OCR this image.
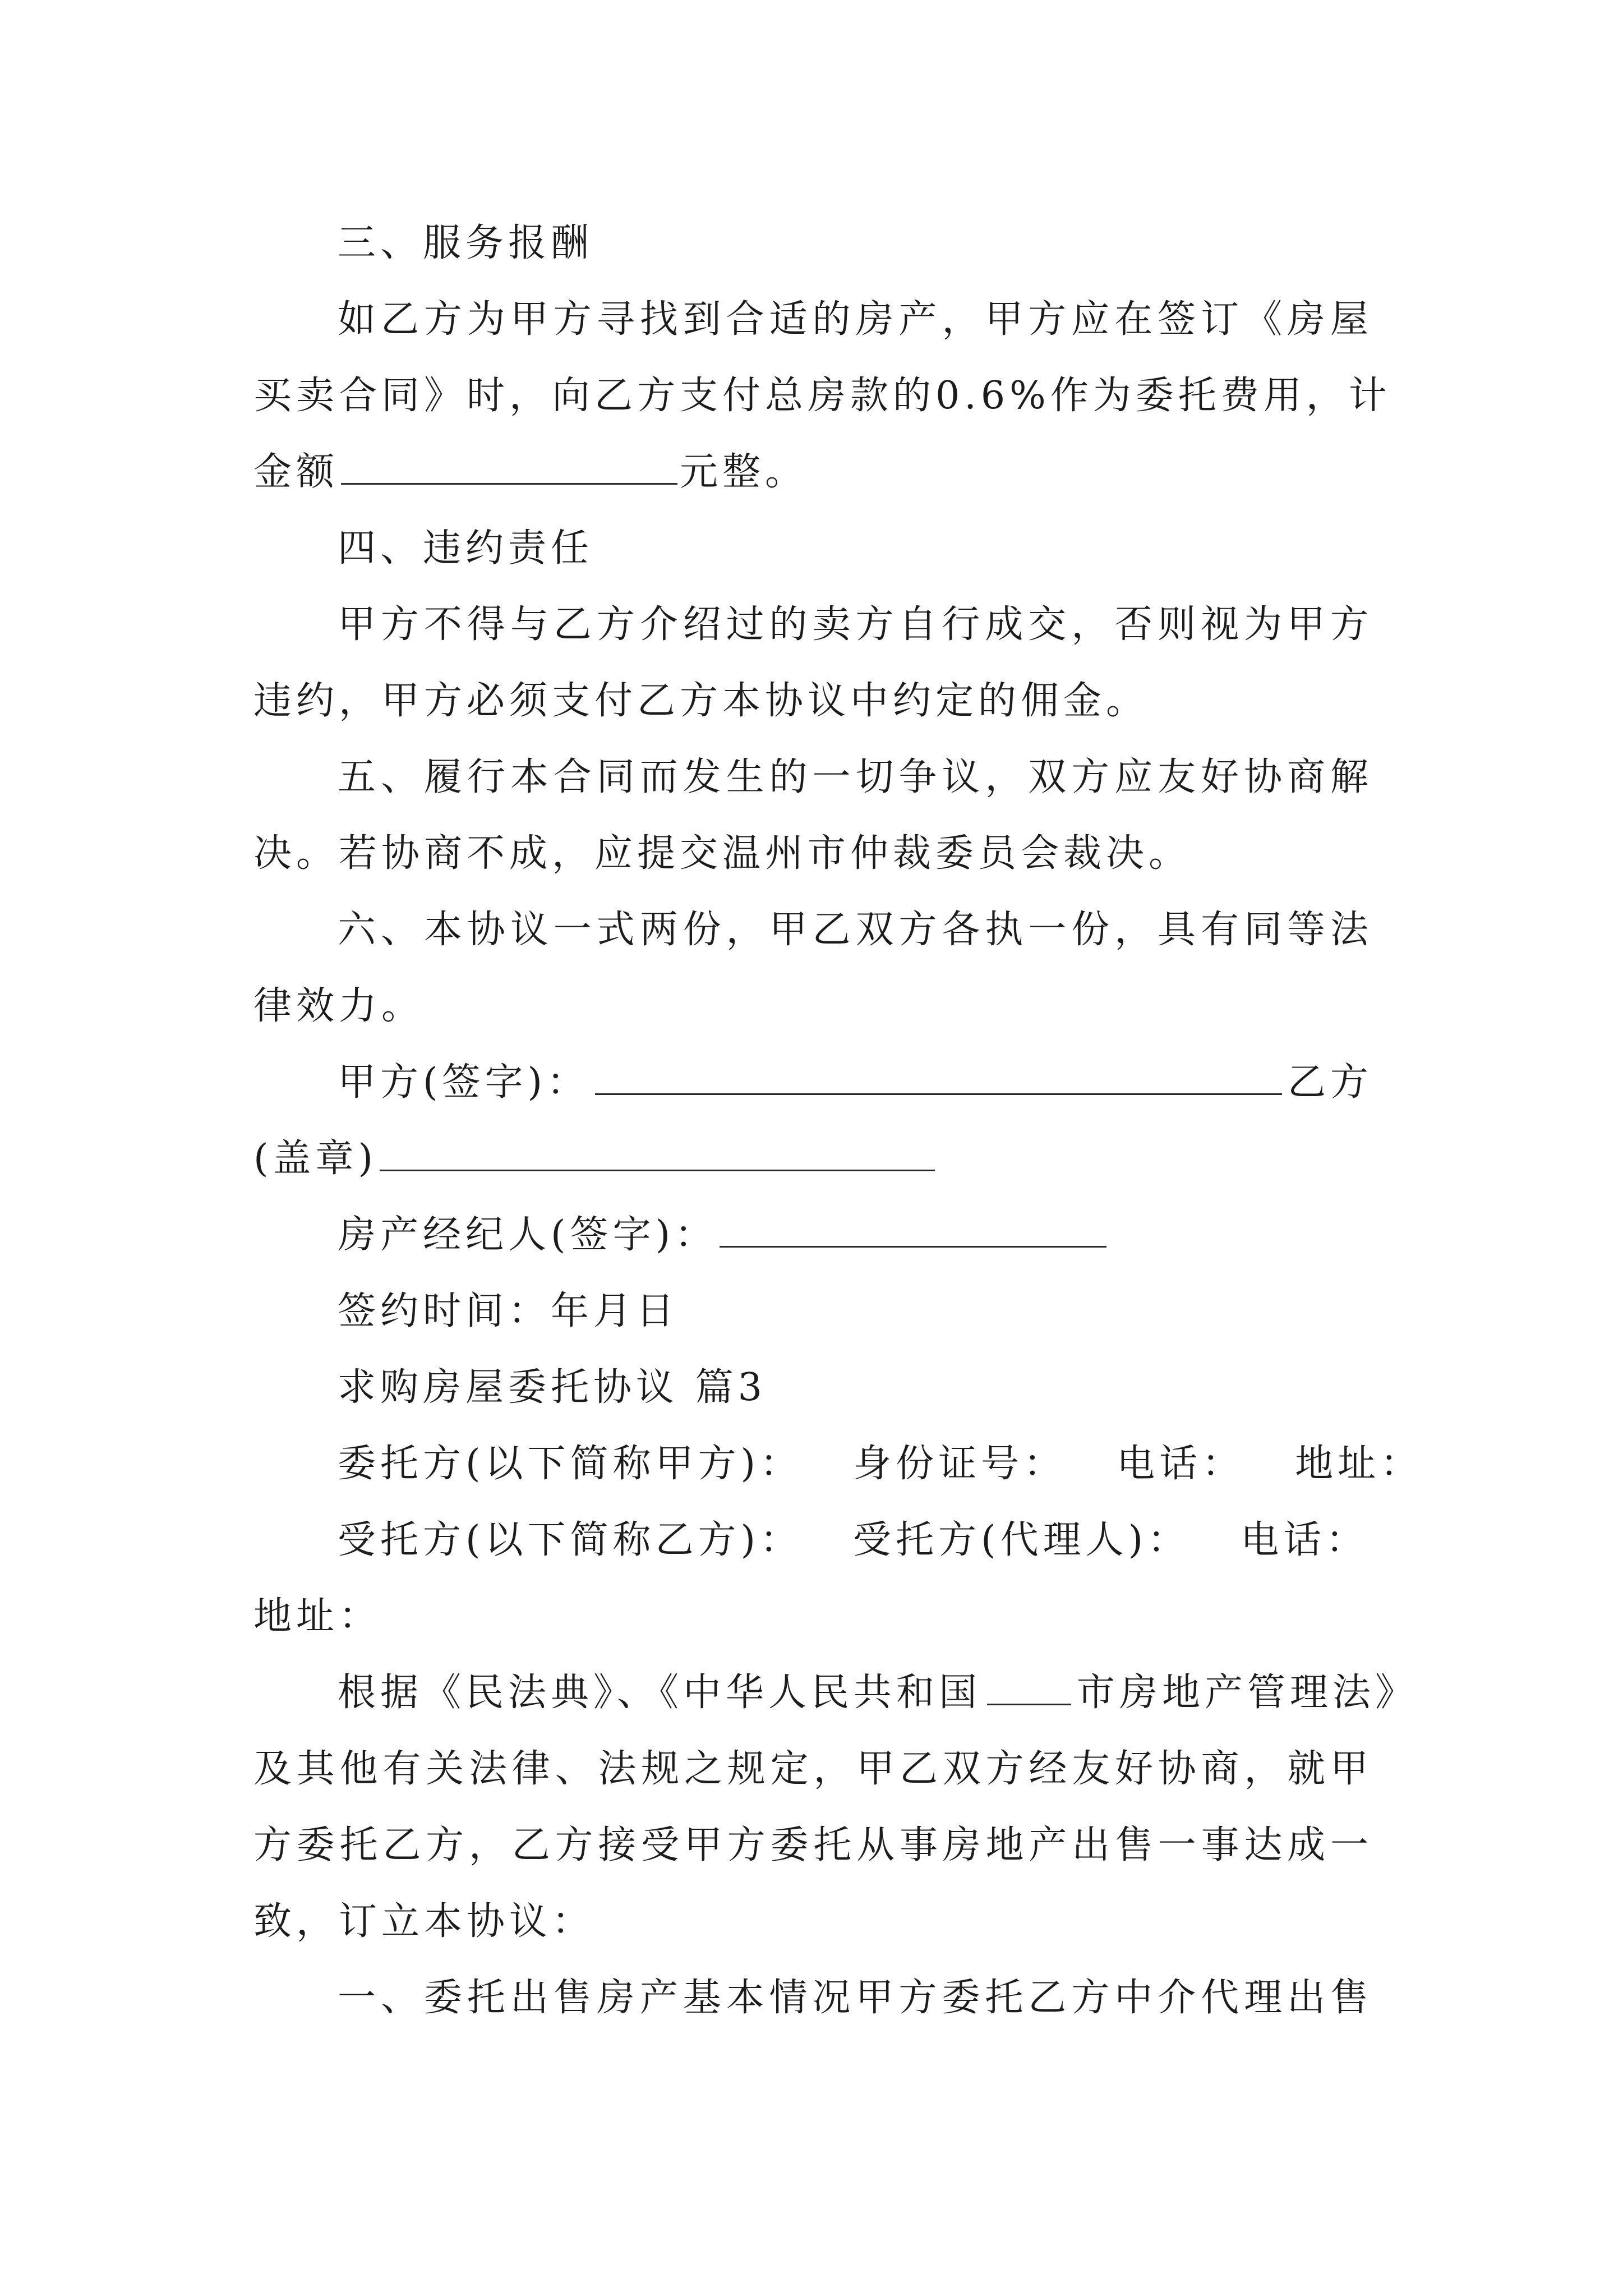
三、服务报酬
如乙方为甲方寻找到合适的房产，甲方应在签订《房屋
买卖合同》时，向乙方支付总房款的0.6%作为委托费用，计
金额	元整。
四、违约责任
甲方不得与乙方介绍过的卖方自行成交，否则视为甲方
违约，甲方必须支付乙方本协议中约定的佣金。
五、履行本合同而发生的一切争议，双方应友好协商解
决。若协商不成，应提交温州市仲裁委员会裁决。
六、本协议一式两份，甲乙双方各执一份，具有同等法
律效力。
甲方(签字)：	乙方
(盖章)
房产经纪人(签字)：
签约时间：年月日
求购房屋委托协议 篇3
委托方(以下简称甲方)： 身份证号： 电话： 地址：
受托方(以下简称乙方)： 受托方(代理人)： 电话：
地址：
根据《民法典》、《中华人民共和国	市房地产管理法》
及其他有关法律、法规之规定，甲乙双方经友好协商，就甲
方委托乙方，乙方接受甲方委托从事房地产出售一事达成一
致，订立本协议：
一、委托出售房产基本情况甲方委托乙方中介代理出售
